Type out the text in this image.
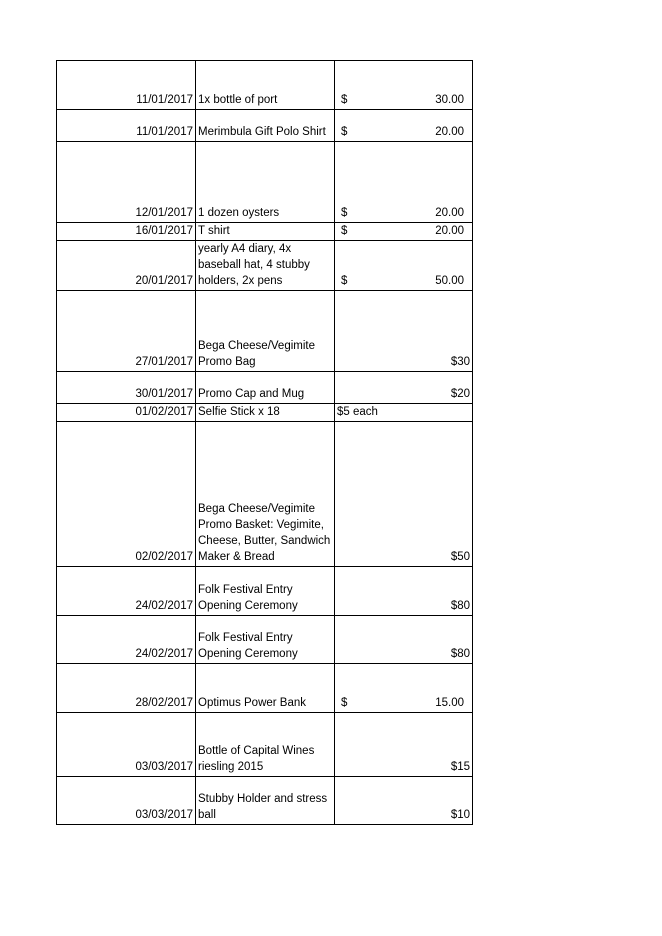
11/01/2017	1x bottle of port	$ 30.00
11/01/2017	Merimbula Gift Polo Shirt	$ 20.00
12/01/2017	1 dozen oysters	$ 20.00
16/01/2017	T shirt	$ 20.00
20/01/2017	yearly A4 diary, 4x baseball hat, 4 stubby holders, 2x pens	$ 50.00
27/01/2017	Bega Cheese/Vegimite Promo Bag	$30
30/01/2017	Promo Cap and Mug	$20
01/02/2017	Selfie Stick x 18	$5 each
02/02/2017	Bega Cheese/Vegimite Promo Basket: Vegimite, Cheese, Butter, Sandwich Maker & Bread	$50
24/02/2017	Folk Festival Entry Opening Ceremony	$80
24/02/2017	Folk Festival Entry Opening Ceremony	$80
28/02/2017	Optimus Power Bank	$ 15.00
03/03/2017	Bottle of Capital Wines riesling 2015	$15
03/03/2017	Stubby Holder and stress ball	$10
